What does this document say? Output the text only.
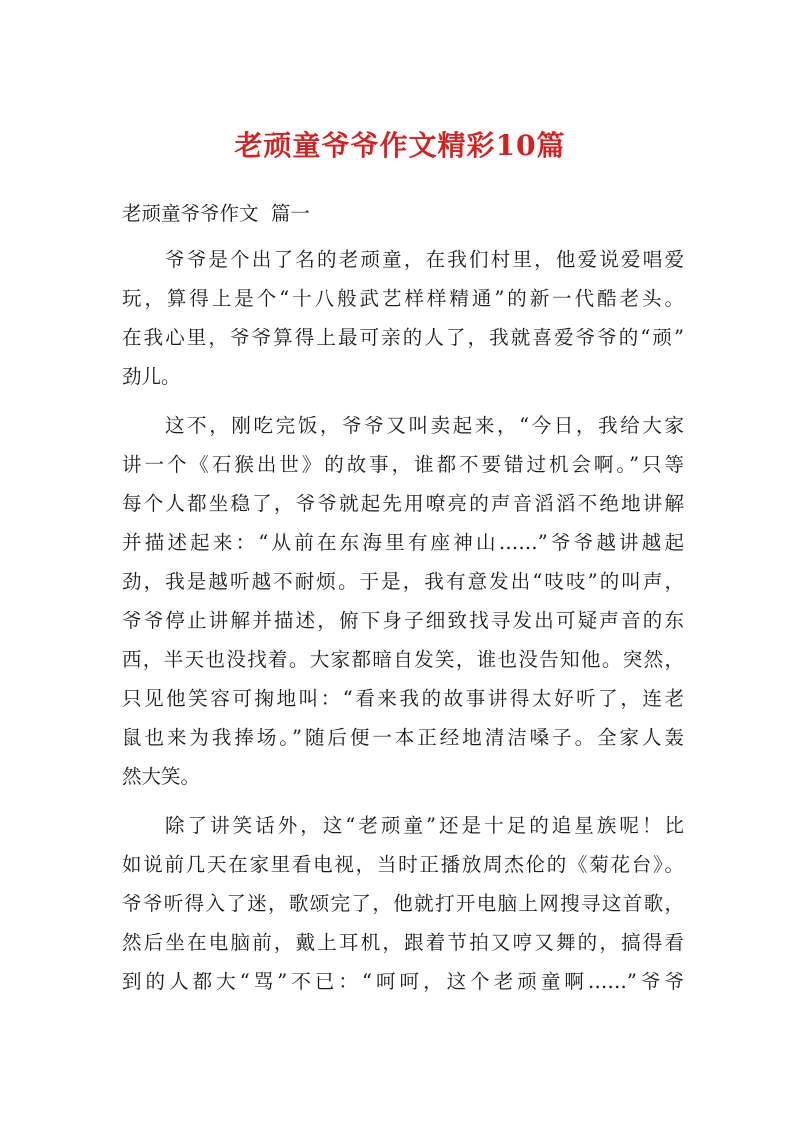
老顽童爷爷作文精彩10篇
老顽童爷爷作文  篇一
爷爷是个出了名的老顽童，在我们村里，他爱说爱唱爱
玩，算得上是个“十八般武艺样样精通”的新一代酷老头。
在我心里，爷爷算得上最可亲的人了，我就喜爱爷爷的“顽”
劲儿。
这不，刚吃完饭，爷爷又叫卖起来，“今日，我给大家
讲一个《石猴出世》的故事，谁都不要错过机会啊。”只等
每个人都坐稳了，爷爷就起先用嘹亮的声音滔滔不绝地讲解
并描述起来：“从前在东海里有座神山……”爷爷越讲越起
劲，我是越听越不耐烦。于是，我有意发出“吱吱”的叫声，
爷爷停止讲解并描述，俯下身子细致找寻发出可疑声音的东
西，半天也没找着。大家都暗自发笑，谁也没告知他。突然，
只见他笑容可掬地叫：“看来我的故事讲得太好听了，连老
鼠也来为我捧场。”随后便一本正经地清洁嗓子。全家人轰
然大笑。
除了讲笑话外，这“老顽童”还是十足的追星族呢！比
如说前几天在家里看电视，当时正播放周杰伦的《菊花台》。
爷爷听得入了迷，歌颂完了，他就打开电脑上网搜寻这首歌，
然后坐在电脑前，戴上耳机，跟着节拍又哼又舞的，搞得看
到的人都大“骂”不已：“呵呵，这个老顽童啊……”爷爷
